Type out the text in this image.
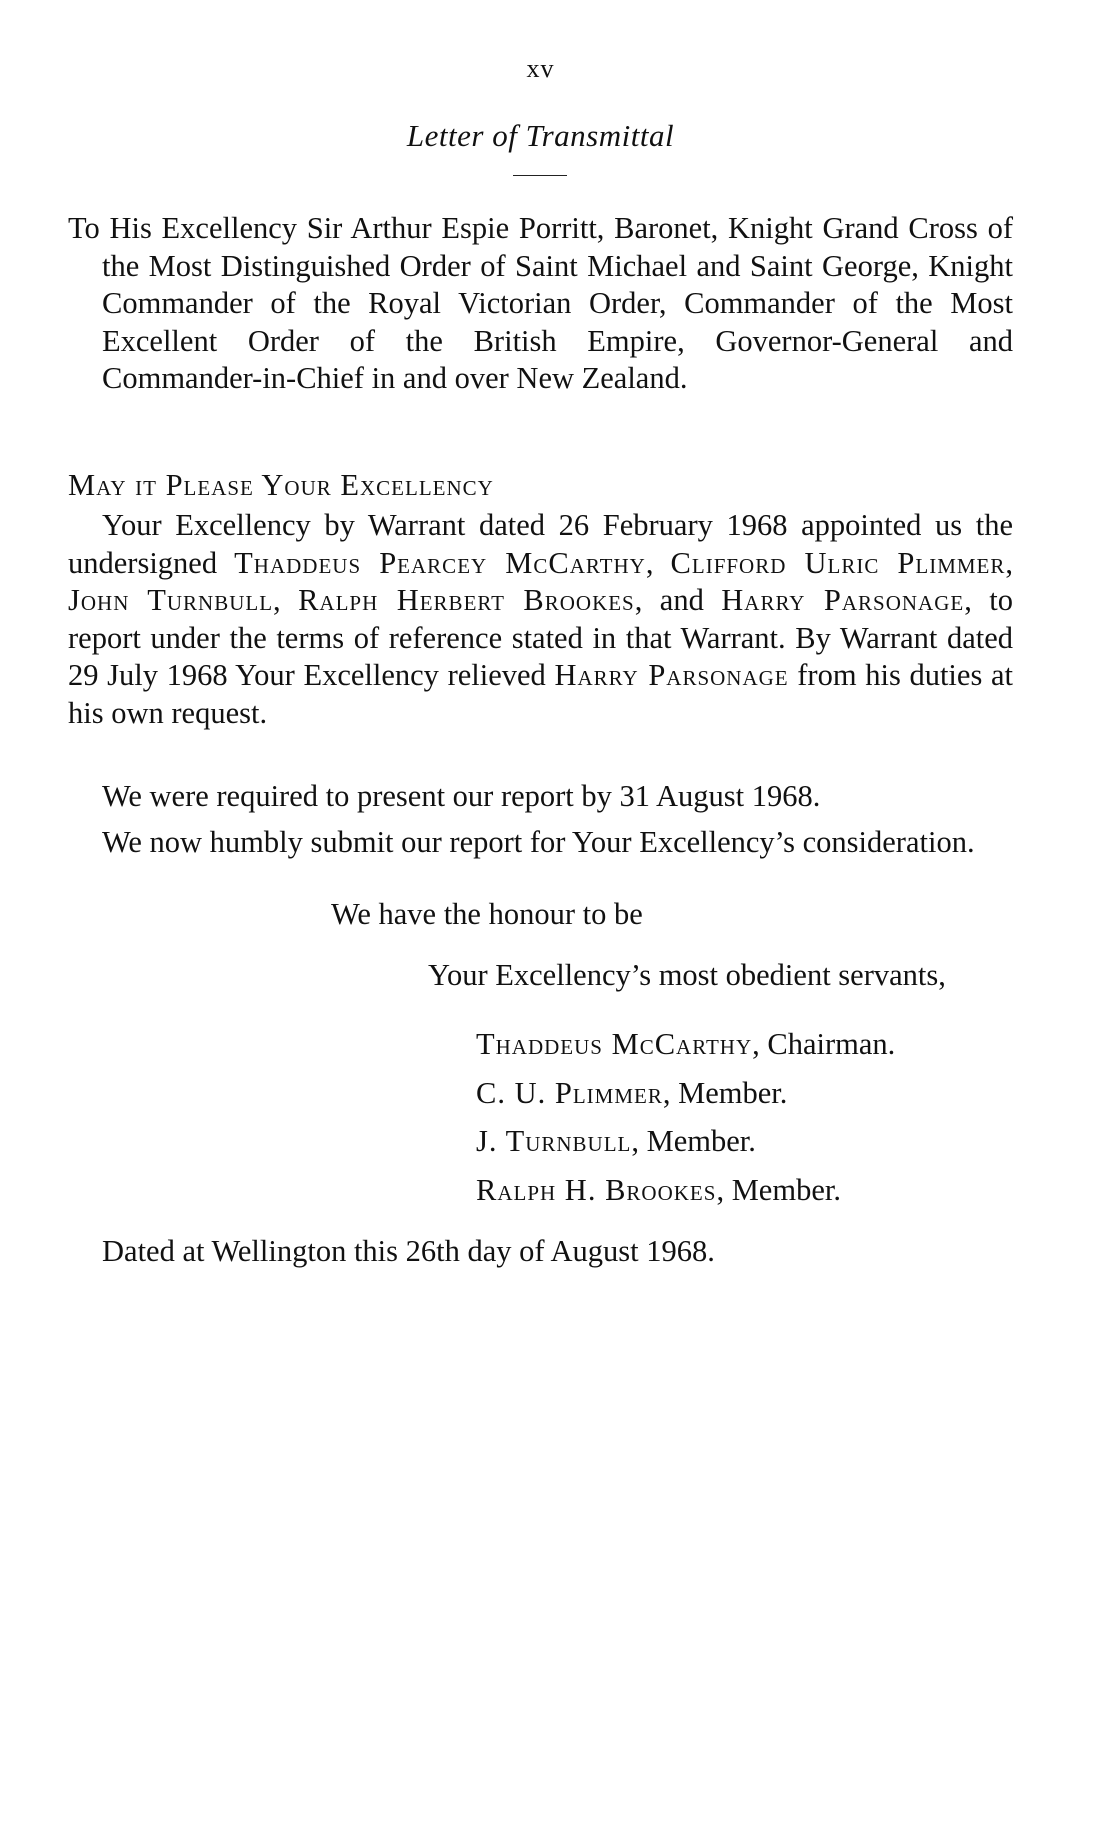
xv
Letter of Transmittal

To His Excellency Sir Arthur Espie Porritt, Baronet, Knight Grand Cross of the Most Distinguished Order of Saint Michael and Saint George, Knight Commander of the Royal Victorian Order, Commander of the Most Excellent Order of the British Empire, Governor-General and Commander-in-Chief in and over New Zealand.

May it Please Your Excellency

Your Excellency by Warrant dated 26 February 1968 appointed us the undersigned Thaddeus Pearcey McCarthy, Clifford Ulric Plimmer, John Turnbull, Ralph Herbert Brookes, and Harry Parsonage, to report under the terms of reference stated in that Warrant. By Warrant dated 29 July 1968 Your Excellency relieved Harry Parsonage from his duties at his own request.

We were required to present our report by 31 August 1968.

We now humbly submit our report for Your Excellency’s consideration.

We have the honour to be
Your Excellency’s most obedient servants,
Thaddeus McCarthy, Chairman.
C. U. Plimmer, Member.
J. Turnbull, Member.
Ralph H. Brookes, Member.
Dated at Wellington this 26th day of August 1968.
